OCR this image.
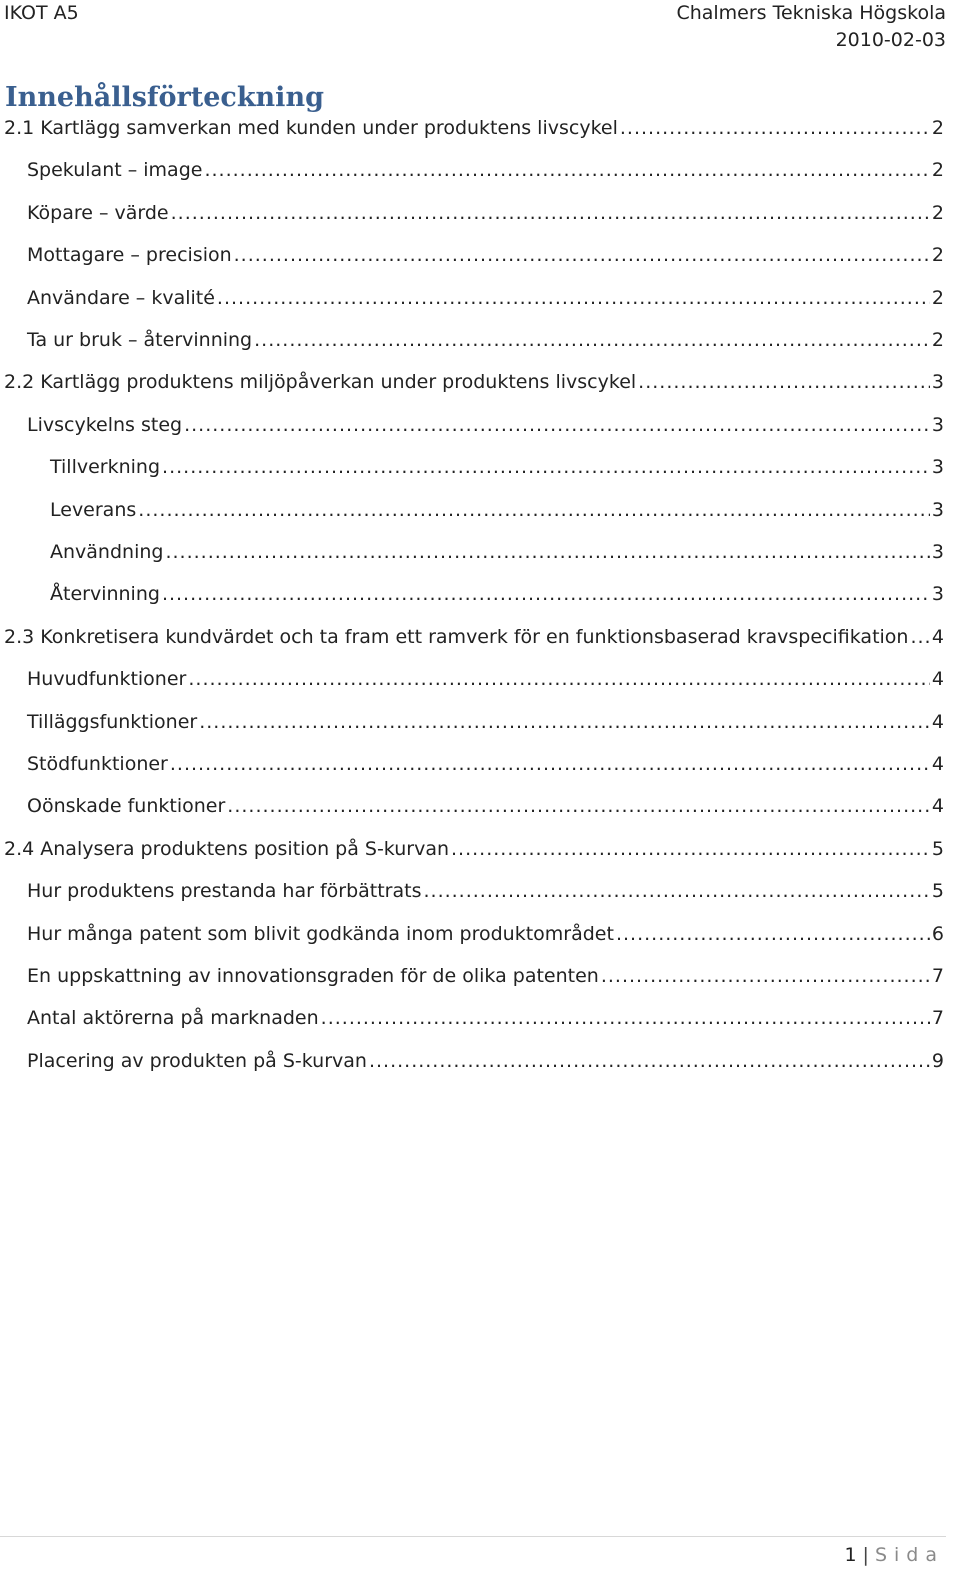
IKOT A5	Chalmers Tekniska Högskola
2010-02-03
Innehållsförteckning
2.1 Kartlägg samverkan med kunden under produktens livscykel .....	2
Spekulant – image .....	2
Köpare – värde .....	2
Mottagare – precision .....	2
Användare – kvalité .....	2
Ta ur bruk – återvinning .....	2
2.2 Kartlägg produktens miljöpåverkan under produktens livscykel .....	3
Livscykelns steg .....	3
Tillverkning .....	3
Leverans .....	3
Användning .....	3
Återvinning .....	3
2.3 Konkretisera kundvärdet och ta fram ett ramverk för en funktionsbaserad kravspecifikation ..... 4
Huvudfunktioner .....	4
Tilläggsfunktioner .....	4
Stödfunktioner .....	4
Oönskade funktioner .....	4
2.4 Analysera produktens position på S-kurvan .....	5
Hur produktens prestanda har förbättrats .....	5
Hur många patent som blivit godkända inom produktområdet .....	6
En uppskattning av innovationsgraden för de olika patenten .....	7
Antal aktörerna på marknaden .....	7
Placering av produkten på S-kurvan .....	9
1 | Sida
